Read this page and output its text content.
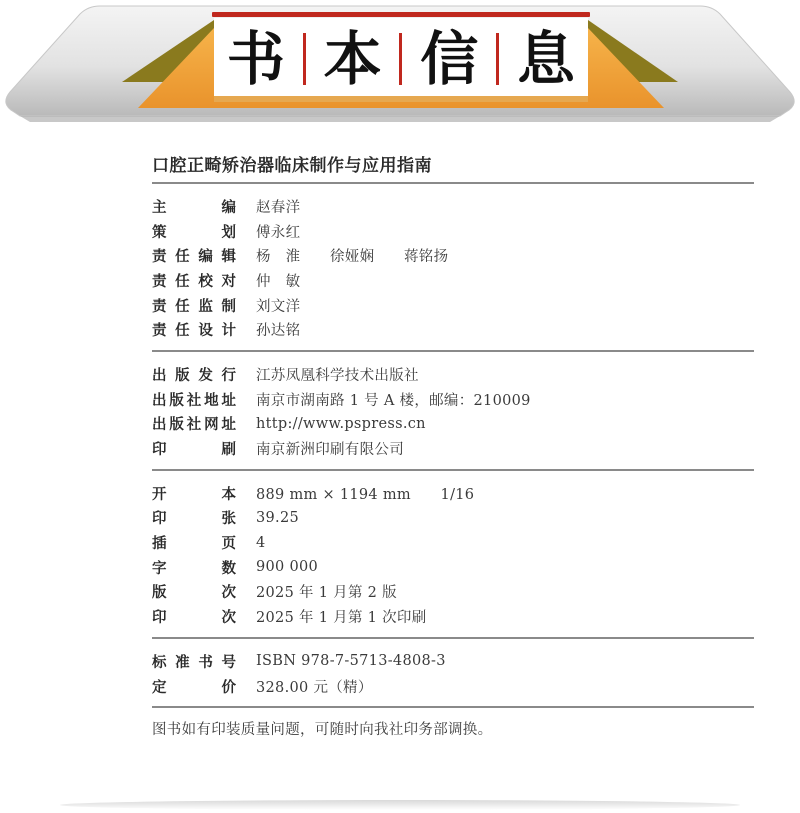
书 本 信 息
口腔正畸矫治器临床制作与应用指南
主	编 赵春洋
策	划 傅永红
责 任 编 辑 杨　淮　　徐娅娴　　蒋铭扬
责 任 校 对 仲　敏
责 任 监 制 刘文洋
责 任 设 计 孙达铭
出 版 发 行 江苏凤凰科学技术出版社
出 版 社 地 址 南京市湖南路 1 号 A 楼，邮编：210009
出 版 社 网 址 http://www.pspress.cn
印	刷 南京新洲印刷有限公司
开	本 889 mm × 1194 mm　　1/16
印	张 39.25
插	页 4
字	数 900 000
版	次 2025 年 1 月第 2 版
印	次 2025 年 1 月第 1 次印刷
标 准 书 号 ISBN 978-7-5713-4808-3
定	价 328.00 元（精）
图书如有印装质量问题，可随时向我社印务部调换。
